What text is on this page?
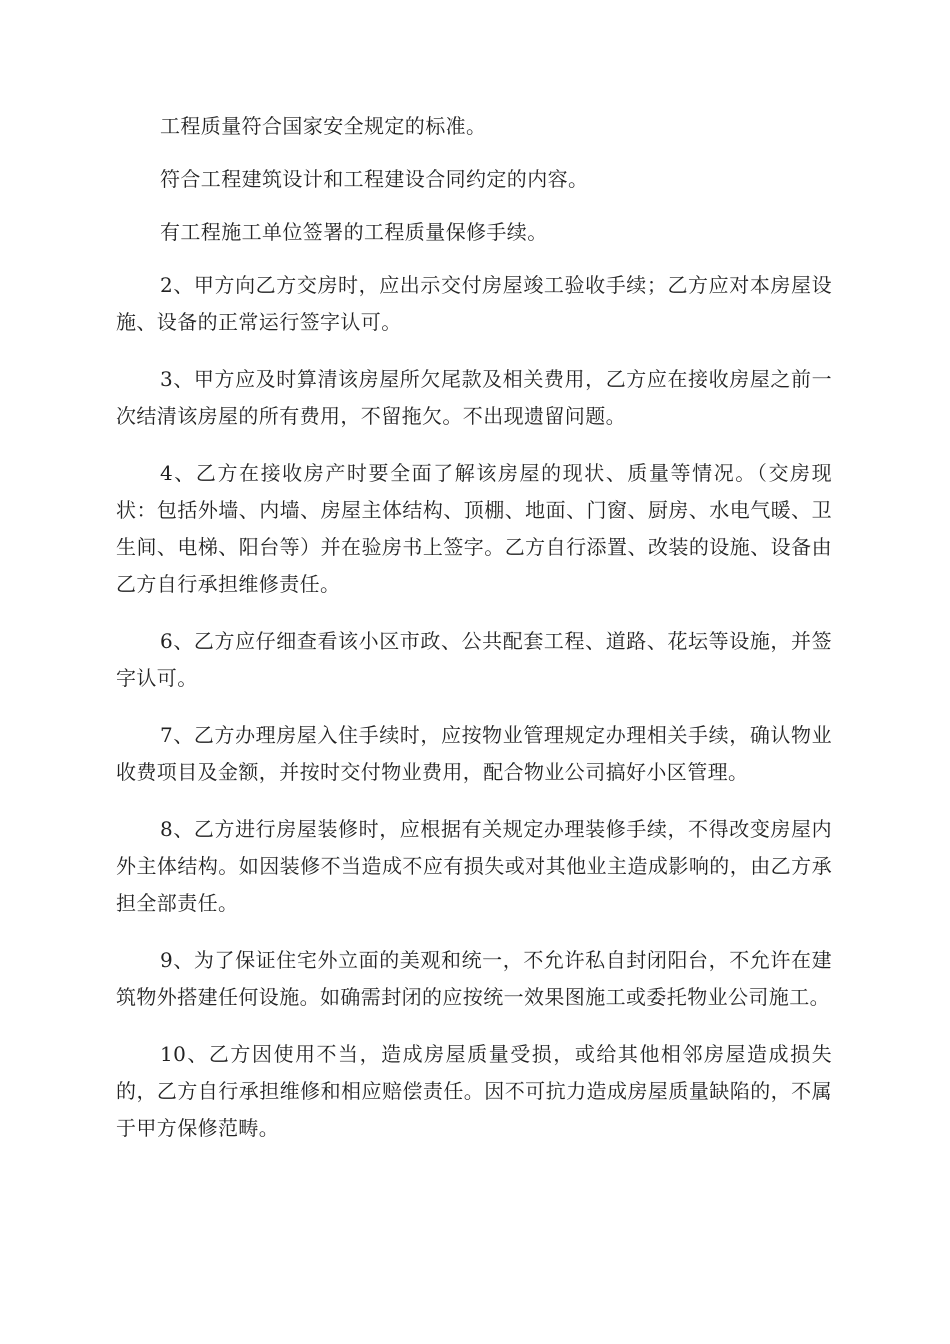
工程质量符合国家安全规定的标准。

符合工程建筑设计和工程建设合同约定的内容。

有工程施工单位签署的工程质量保修手续。

2、甲方向乙方交房时，应出示交付房屋竣工验收手续；乙方应对本房屋设施、设备的正常运行签字认可。

3、甲方应及时算清该房屋所欠尾款及相关费用，乙方应在接收房屋之前一次结清该房屋的所有费用，不留拖欠。不出现遗留问题。

4、乙方在接收房产时要全面了解该房屋的现状、质量等情况。（交房现状：包括外墙、内墙、房屋主体结构、顶棚、地面、门窗、厨房、水电气暖、卫生间、电梯、阳台等）并在验房书上签字。乙方自行添置、改装的设施、设备由乙方自行承担维修责任。

6、乙方应仔细查看该小区市政、公共配套工程、道路、花坛等设施，并签字认可。

7、乙方办理房屋入住手续时，应按物业管理规定办理相关手续，确认物业收费项目及金额，并按时交付物业费用，配合物业公司搞好小区管理。

8、乙方进行房屋装修时，应根据有关规定办理装修手续，不得改变房屋内外主体结构。如因装修不当造成不应有损失或对其他业主造成影响的，由乙方承担全部责任。

9、为了保证住宅外立面的美观和统一，不允许私自封闭阳台，不允许在建筑物外搭建任何设施。如确需封闭的应按统一效果图施工或委托物业公司施工。

10、乙方因使用不当，造成房屋质量受损，或给其他相邻房屋造成损失的，乙方自行承担维修和相应赔偿责任。因不可抗力造成房屋质量缺陷的，不属于甲方保修范畴。
